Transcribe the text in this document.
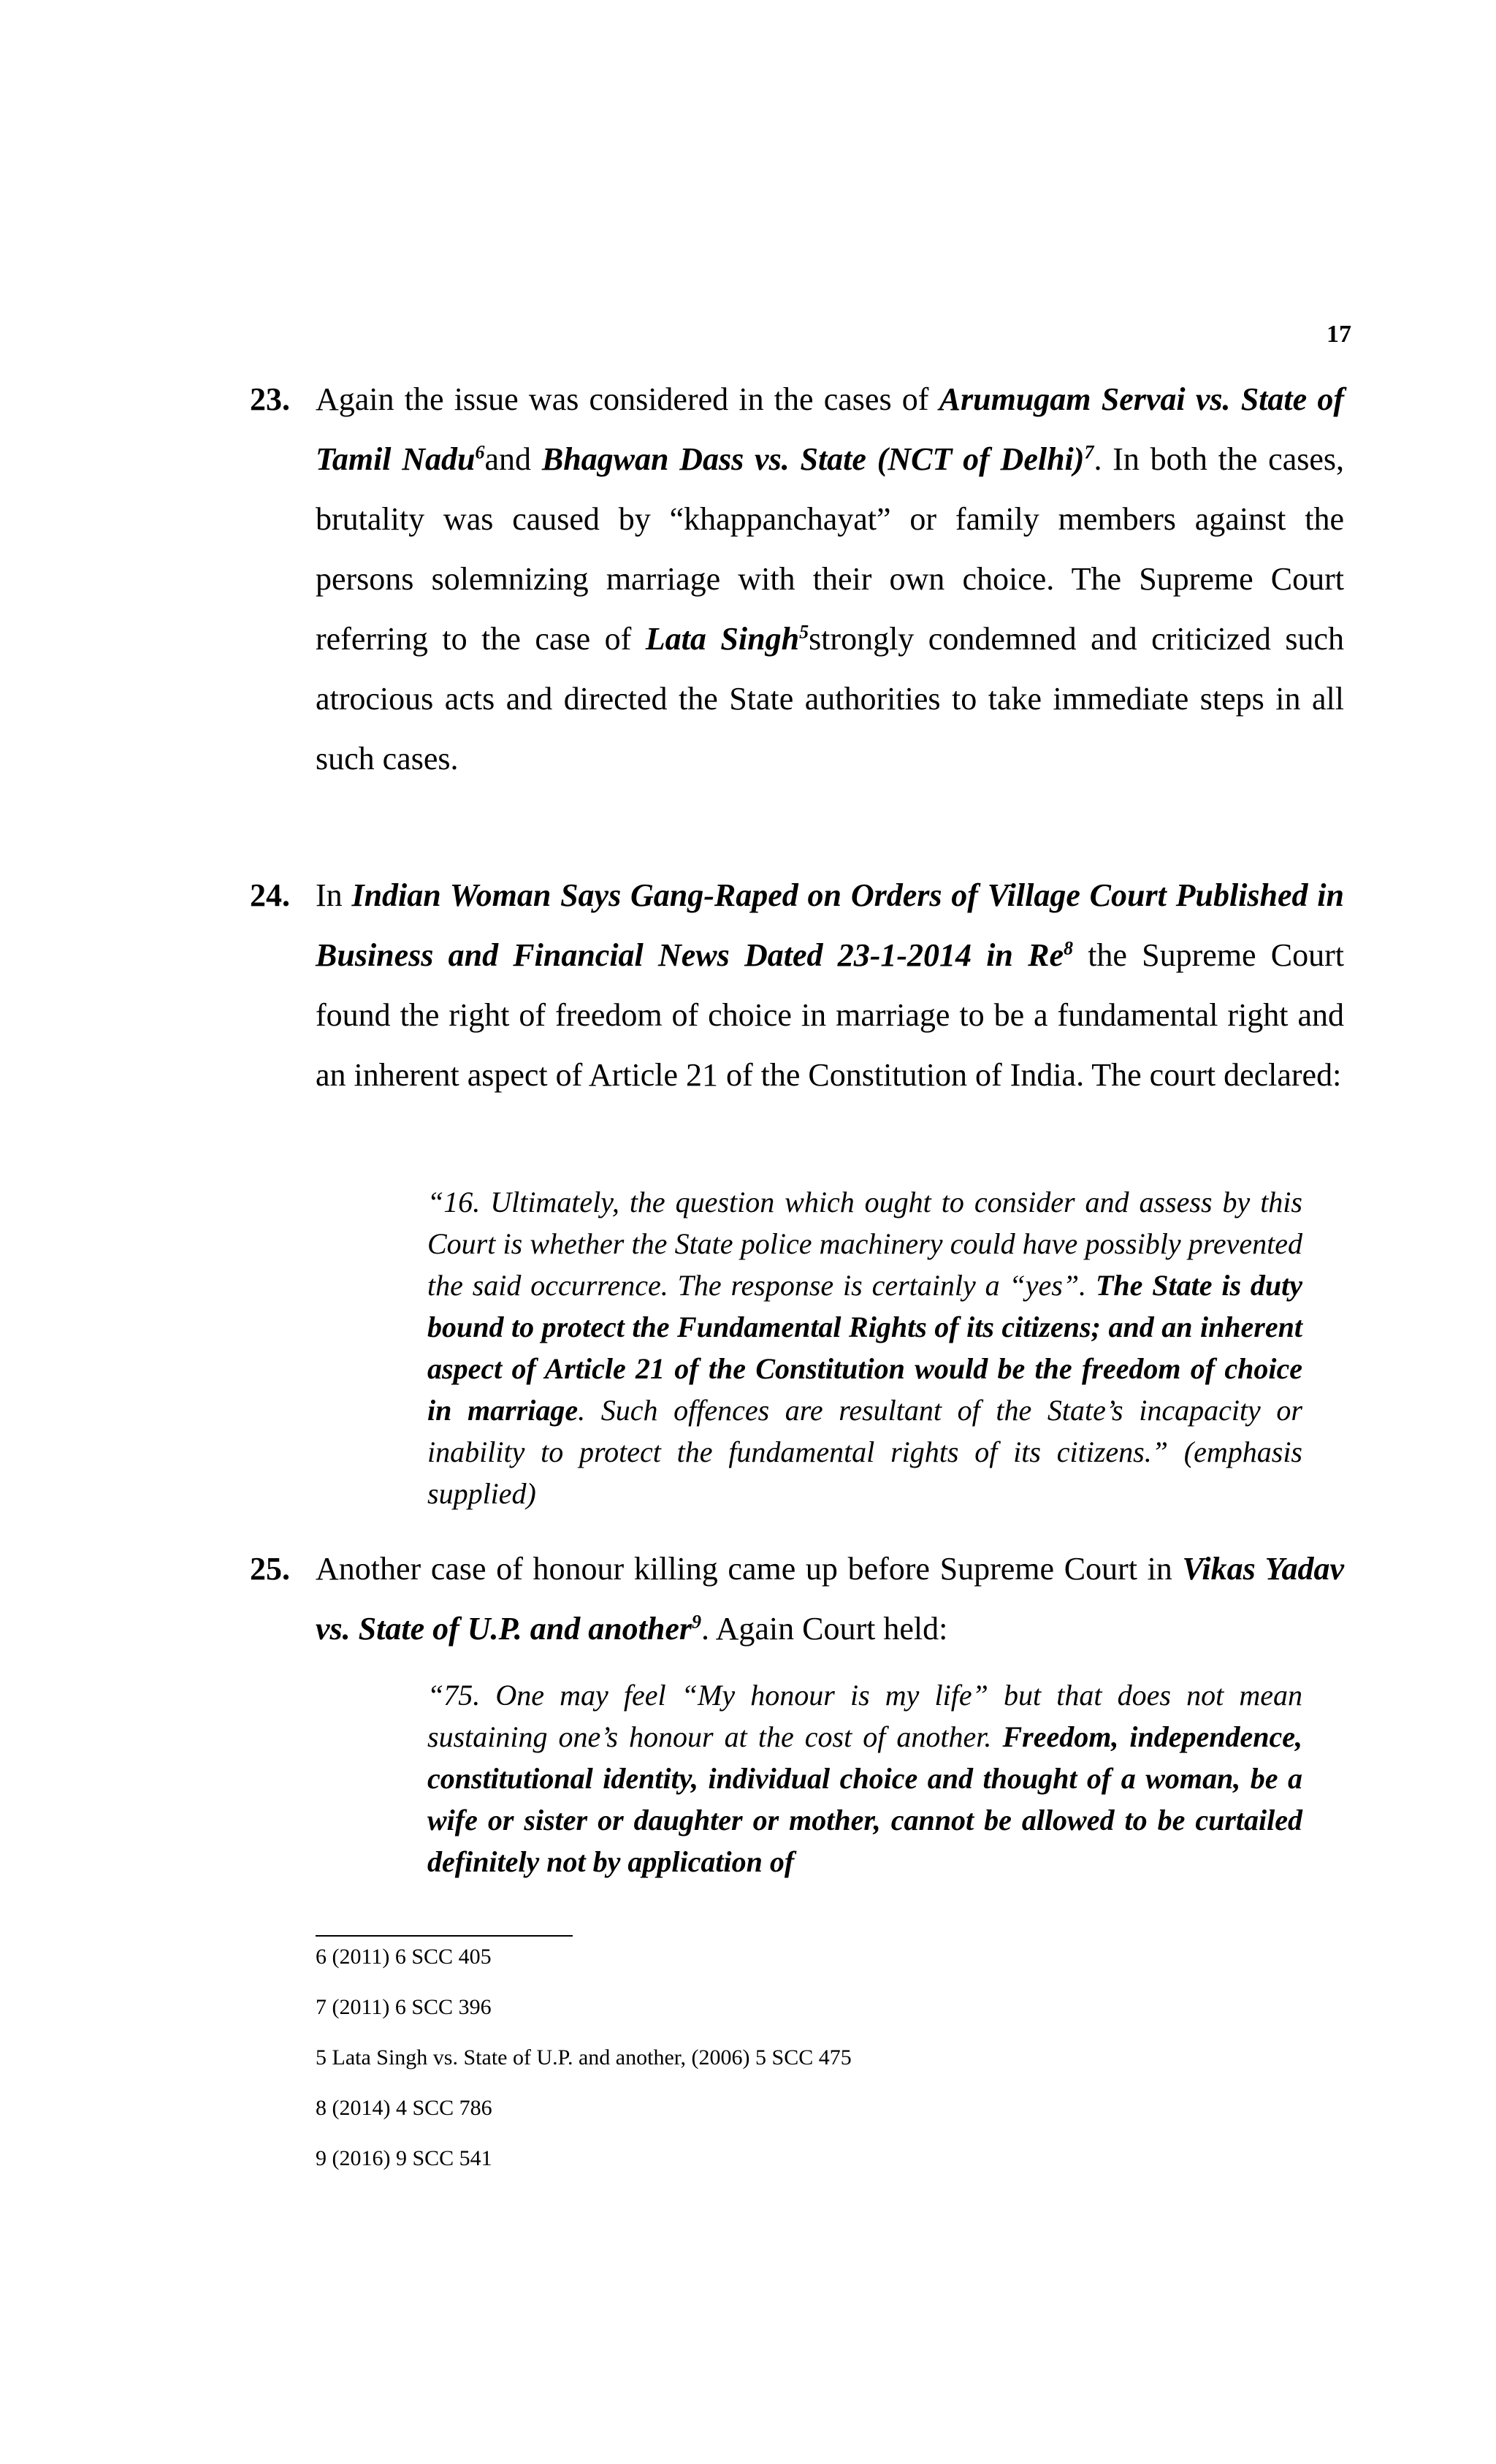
17
23. Again the issue was considered in the cases of Arumugam Servai vs. State of Tamil Nadu$^6$and Bhagwan Dass vs. State (NCT of Delhi)$^7$. In both the cases, brutality was caused by “khappanchayat” or family members against the persons solemnizing marriage with their own choice. The Supreme Court referring to the case of Lata Singh$^5$strongly condemned and criticized such atrocious acts and directed the State authorities to take immediate steps in all such cases.
24. In Indian Woman Says Gang-Raped on Orders of Village Court Published in Business and Financial News Dated 23-1-2014 in Re$^8$ the Supreme Court found the right of freedom of choice in marriage to be a fundamental right and an inherent aspect of Article 21 of the Constitution of India. The court declared:
“16. Ultimately, the question which ought to consider and assess by this Court is whether the State police machinery could have possibly prevented the said occurrence. The response is certainly a “yes”. The State is duty bound to protect the Fundamental Rights of its citizens; and an inherent aspect of Article 21 of the Constitution would be the freedom of choice in marriage. Such offences are resultant of the State’s incapacity or inability to protect the fundamental rights of its citizens.” (emphasis supplied)
25. Another case of honour killing came up before Supreme Court in Vikas Yadav vs. State of U.P. and another$^9$. Again Court held:
“75. One may feel “My honour is my life” but that does not mean sustaining one’s honour at the cost of another. Freedom, independence, constitutional identity, individual choice and thought of a woman, be a wife or sister or daughter or mother, cannot be allowed to be curtailed definitely not by application of
6 (2011) 6 SCC 405
7 (2011) 6 SCC 396
5 Lata Singh vs. State of U.P. and another, (2006) 5 SCC 475
8 (2014) 4 SCC 786
9 (2016) 9 SCC 541
